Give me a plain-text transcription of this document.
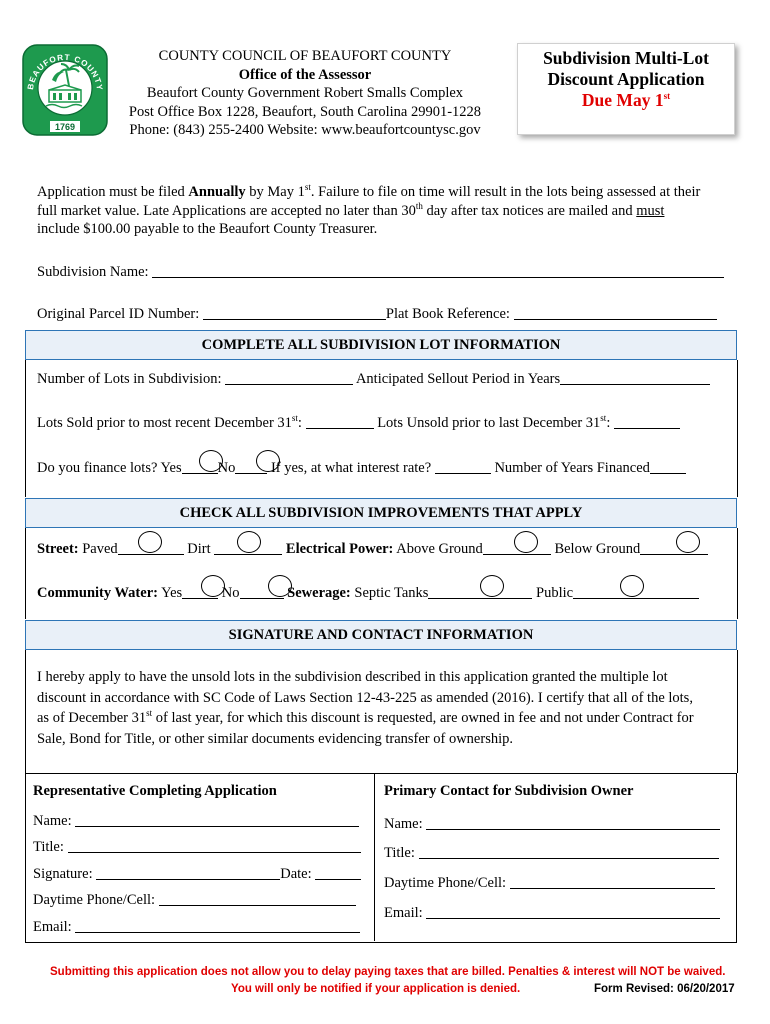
BEAUFORT COUNTY
1769
COUNTY COUNCIL OF BEAUFORT COUNTY
Office of the Assessor
Beaufort County Government Robert Smalls Complex
Post Office Box 1228, Beaufort, South Carolina 29901-1228
Phone: (843) 255-2400 Website: www.beaufortcountysc.gov
Subdivision Multi-Lot
Discount Application
Due May 1st
Application must be filed Annually by May 1st. Failure to file on time will result in the lots being assessed at their
full market value. Late Applications are accepted no later than 30th day after tax notices are mailed and must
include $100.00 payable to the Beaufort County Treasurer.
Subdivision Name:
Original Parcel ID Number:	Plat Book Reference:
COMPLETE ALL SUBDIVISION LOT INFORMATION
Number of Lots in Subdivision:	Anticipated Sellout Period in Years
Lots Sold prior to most recent December 31st:	Lots Unsold prior to last December 31st:
Do you finance lots? Yes No If yes, at what interest rate?	Number of Years Financed
CHECK ALL SUBDIVISION IMPROVEMENTS THAT APPLY
Street: Paved	Dirt	Electrical Power: Above Ground	Below Ground
Community Water: Yes	No	Sewerage: Septic Tanks	Public
SIGNATURE AND CONTACT INFORMATION
I hereby apply to have the unsold lots in the subdivision described in this application granted the multiple lot
discount in accordance with SC Code of Laws Section 12-43-225 as amended (2016). I certify that all of the lots,
as of December 31st of last year, for which this discount is requested, are owned in fee and not under Contract for
Sale, Bond for Title, or other similar documents evidencing transfer of ownership.
Representative Completing Application
Name:
Title:
Signature:	Date:
Daytime Phone/Cell:
Email:
Primary Contact for Subdivision Owner
Name:
Title:
Daytime Phone/Cell:
Email:
Submitting this application does not allow you to delay paying taxes that are billed. Penalties & interest will NOT be waived.
You will only be notified if your application is denied.	Form Revised: 06/20/2017
